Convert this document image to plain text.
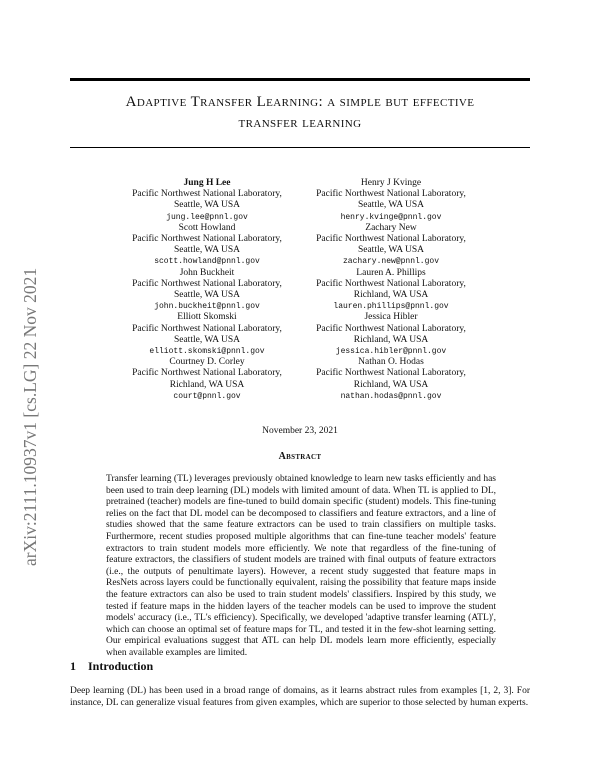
arXiv:2111.10937v1 [cs.LG] 22 Nov 2021
Adaptive Transfer Learning: a simple but effective
transfer learning
Jung H Lee
Pacific Northwest National Laboratory,
Seattle, WA USA
jung.lee@pnnl.gov
Scott Howland
Pacific Northwest National Laboratory,
Seattle, WA USA
scott.howland@pnnl.gov
John Buckheit
Pacific Northwest National Laboratory,
Seattle, WA USA
john.buckheit@pnnl.gov
Elliott Skomski
Pacific Northwest National Laboratory,
Seattle, WA USA
elliott.skomski@pnnl.gov
Courtney D. Corley
Pacific Northwest National Laboratory,
Richland, WA USA
court@pnnl.gov
Henry J Kvinge
Pacific Northwest National Laboratory,
Seattle, WA USA
henry.kvinge@pnnl.gov
Zachary New
Pacific Northwest National Laboratory,
Seattle, WA USA
zachary.new@pnnl.gov
Lauren A. Phillips
Pacific Northwest National Laboratory,
Richland, WA USA
lauren.phillips@pnnl.gov
Jessica Hibler
Pacific Northwest National Laboratory,
Richland, WA USA
jessica.hibler@pnnl.gov
Nathan O. Hodas
Pacific Northwest National Laboratory,
Richland, WA USA
nathan.hodas@pnnl.gov
November 23, 2021
Abstract
Transfer learning (TL) leverages previously obtained knowledge to learn new tasks efficiently and has been used to train deep learning (DL) models with limited amount of data. When TL is applied to DL, pretrained (teacher) models are fine-tuned to build domain specific (student) models. This fine-tuning relies on the fact that DL model can be decomposed to classifiers and feature extractors, and a line of studies showed that the same feature extractors can be used to train classifiers on multiple tasks. Furthermore, recent studies proposed multiple algorithms that can fine-tune teacher models' feature extractors to train student models more efficiently. We note that regardless of the fine-tuning of feature extractors, the classifiers of student models are trained with final outputs of feature extractors (i.e., the outputs of penultimate layers). However, a recent study suggested that feature maps in ResNets across layers could be functionally equivalent, raising the possibility that feature maps inside the feature extractors can also be used to train student models' classifiers. Inspired by this study, we tested if feature maps in the hidden layers of the teacher models can be used to improve the student models' accuracy (i.e., TL's efficiency). Specifically, we developed 'adaptive transfer learning (ATL)', which can choose an optimal set of feature maps for TL, and tested it in the few-shot learning setting. Our empirical evaluations suggest that ATL can help DL models learn more efficiently, especially when available examples are limited.
1 Introduction
Deep learning (DL) has been used in a broad range of domains, as it learns abstract rules from examples [1, 2, 3]. For instance, DL can generalize visual features from given examples, which are superior to those selected by human experts.
